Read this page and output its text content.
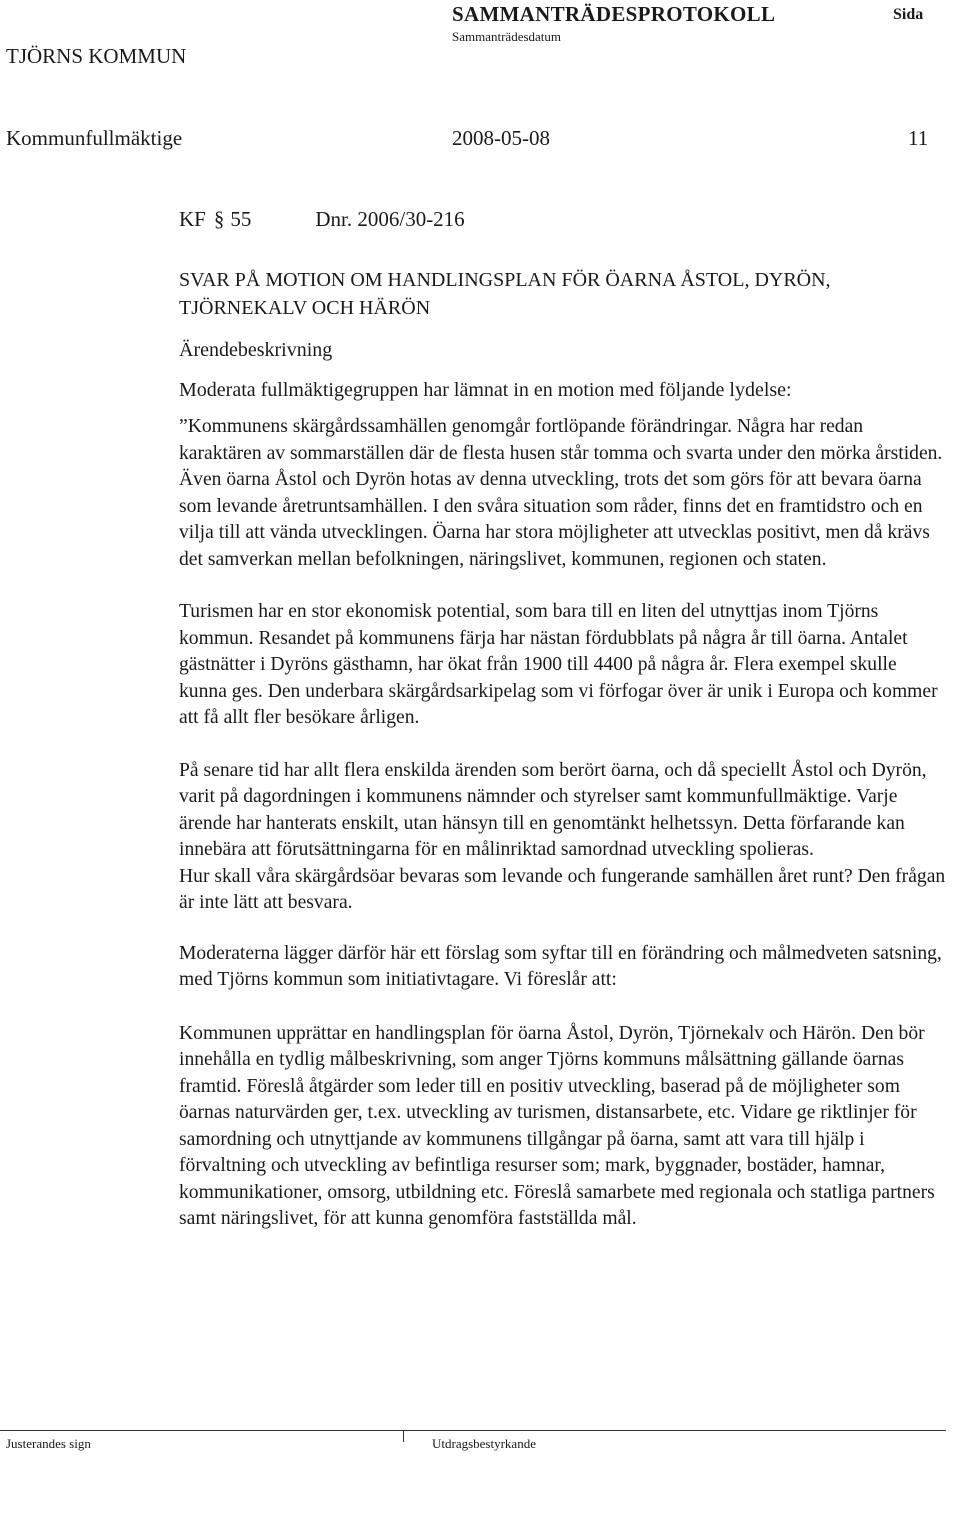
SAMMANTRÄDESPROTOKOLL
Sammanträdesdatum
Sida
TJÖRNS KOMMUN
Kommunfullmäktige	2008-05-08	11
KF § 55	Dnr. 2006/30-216
SVAR PÅ MOTION OM HANDLINGSPLAN FÖR ÖARNA ÅSTOL, DYRÖN, TJÖRNEKALV OCH HÄRÖN
Ärendebeskrivning
Moderata fullmäktigegruppen har lämnat in en motion med följande lydelse:

”Kommunens skärgårdssamhällen genomgår fortlöpande förändringar. Några har redan karaktären av sommarställen där de flesta husen står tomma och svarta under den mörka årstiden. Även öarna Åstol och Dyrön hotas av denna utveckling, trots det som görs för att bevara öarna som levande åretruntsamhällen. I den svåra situation som råder, finns det en framtidstro och en vilja till att vända utvecklingen. Öarna har stora möjligheter att utvecklas positivt, men då krävs det samverkan mellan befolkningen, näringslivet, kommunen, regionen och staten.

Turismen har en stor ekonomisk potential, som bara till en liten del utnyttjas inom Tjörns kommun. Resandet på kommunens färja har nästan fördubblats på några år till öarna. Antalet gästnätter i Dyröns gästhamn, har ökat från 1900 till 4400 på några år. Flera exempel skulle kunna ges. Den underbara skärgårdsarkipelag som vi förfogar över är unik i Europa och kommer att få allt fler besökare årligen.

På senare tid har allt flera enskilda ärenden som berört öarna, och då speciellt Åstol och Dyrön, varit på dagordningen i kommunens nämnder och styrelser samt kommunfullmäktige. Varje ärende har hanterats enskilt, utan hänsyn till en genomtänkt helhetssyn. Detta förfarande kan innebära att förutsättningarna för en målinriktad samordnad utveckling spolieras.

Hur skall våra skärgårdsöar bevaras som levande och fungerande samhällen året runt? Den frågan är inte lätt att besvara.

Moderaterna lägger därför här ett förslag som syftar till en förändring och målmedveten satsning, med Tjörns kommun som initiativtagare. Vi föreslår att:

Kommunen upprättar en handlingsplan för öarna Åstol, Dyrön, Tjörnekalv och Härön. Den bör innehålla en tydlig målbeskrivning, som anger Tjörns kommuns målsättning gällande öarnas framtid. Föreslå åtgärder som leder till en positiv utveckling, baserad på de möjligheter som öarnas naturvärden ger, t.ex. utveckling av turismen, distansarbete, etc. Vidare ge riktlinjer för samordning och utnyttjande av kommunens tillgångar på öarna, samt att vara till hjälp i förvaltning och utveckling av befintliga resurser som; mark, byggnader, bostäder, hamnar, kommunikationer, omsorg, utbildning etc. Föreslå samarbete med regionala och statliga partners samt näringslivet, för att kunna genomföra fastställda mål.

Justerandes sign	Utdragsbestyrkande
